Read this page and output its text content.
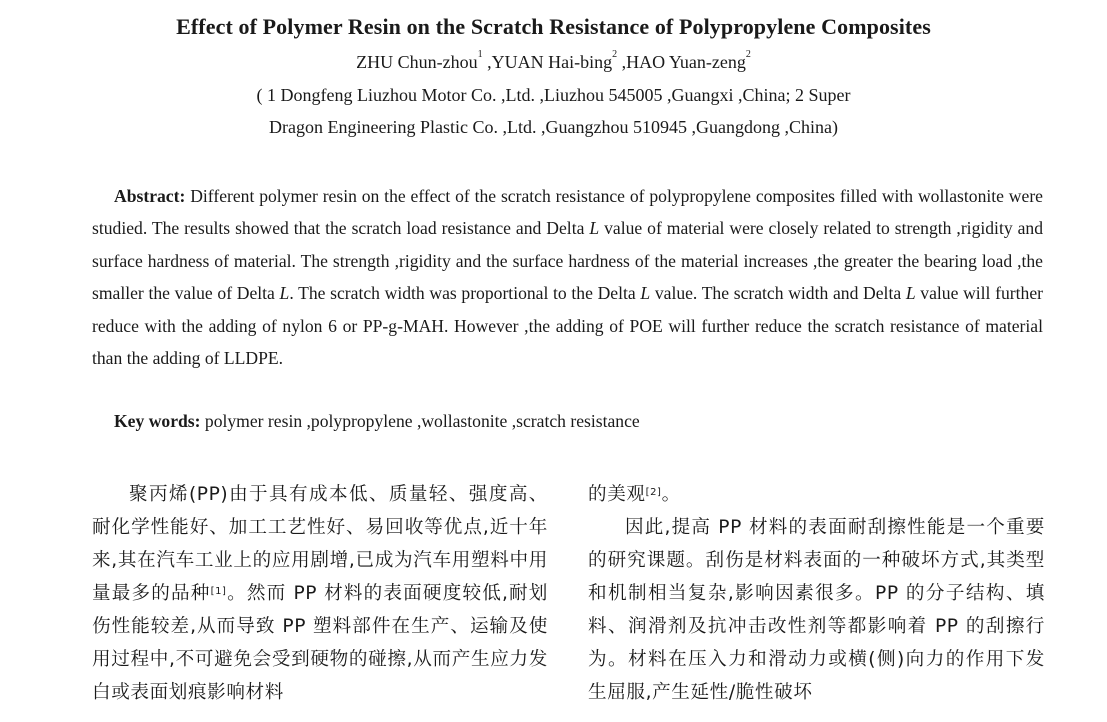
Effect of Polymer Resin on the Scratch Resistance of Polypropylene Composites
ZHU Chun-zhou$^1$ ,YUAN Hai-bing$^2$ ,HAO Yuan-zeng$^2$
( 1 Dongfeng Liuzhou Motor Co. ,Ltd. ,Liuzhou 545005 ,Guangxi ,China; 2 Super
Dragon Engineering Plastic Co. ,Ltd. ,Guangzhou 510945 ,Guangdong ,China)
Abstract: Different polymer resin on the effect of the scratch resistance of polypropylene composites filled with wollastonite were studied. The results showed that the scratch load resistance and Delta L value of material were closely related to strength ,rigidity and surface hardness of material. The strength ,rigidity and the surface hardness of the material increases ,the greater the bearing load ,the smaller the value of Delta L. The scratch width was proportional to the Delta L value. The scratch width and Delta L value will further reduce with the adding of nylon 6 or PP-g-MAH. However ,the adding of POE will further reduce the scratch resistance of material than the adding of LLDPE.
Key words: polymer resin ,polypropylene ,wollastonite ,scratch resistance

聚丙烯(PP)由于具有成本低、质量轻、强度高、耐化学性能好、加工工艺性好、易回收等优点,近十年来,其在汽车工业上的应用剧增,已成为汽车用塑料中用量最多的品种[1]。然而 PP 材料的表面硬度较低,耐划伤性能较差,从而导致 PP 塑料部件在生产、运输及使用过程中,不可避免会受到硬物的碰擦,从而产生应力发白或表面划痕影响材料

的美观[2]。

因此,提高 PP 材料的表面耐刮擦性能是一个重要的研究课题。刮伤是材料表面的一种破坏方式,其类型和机制相当复杂,影响因素很多。PP 的分子结构、填料、润滑剂及抗冲击改性剂等都影响着 PP 的刮擦行为。材料在压入力和滑动力或横(侧)向力的作用下发生屈服,产生延性/脆性破坏
